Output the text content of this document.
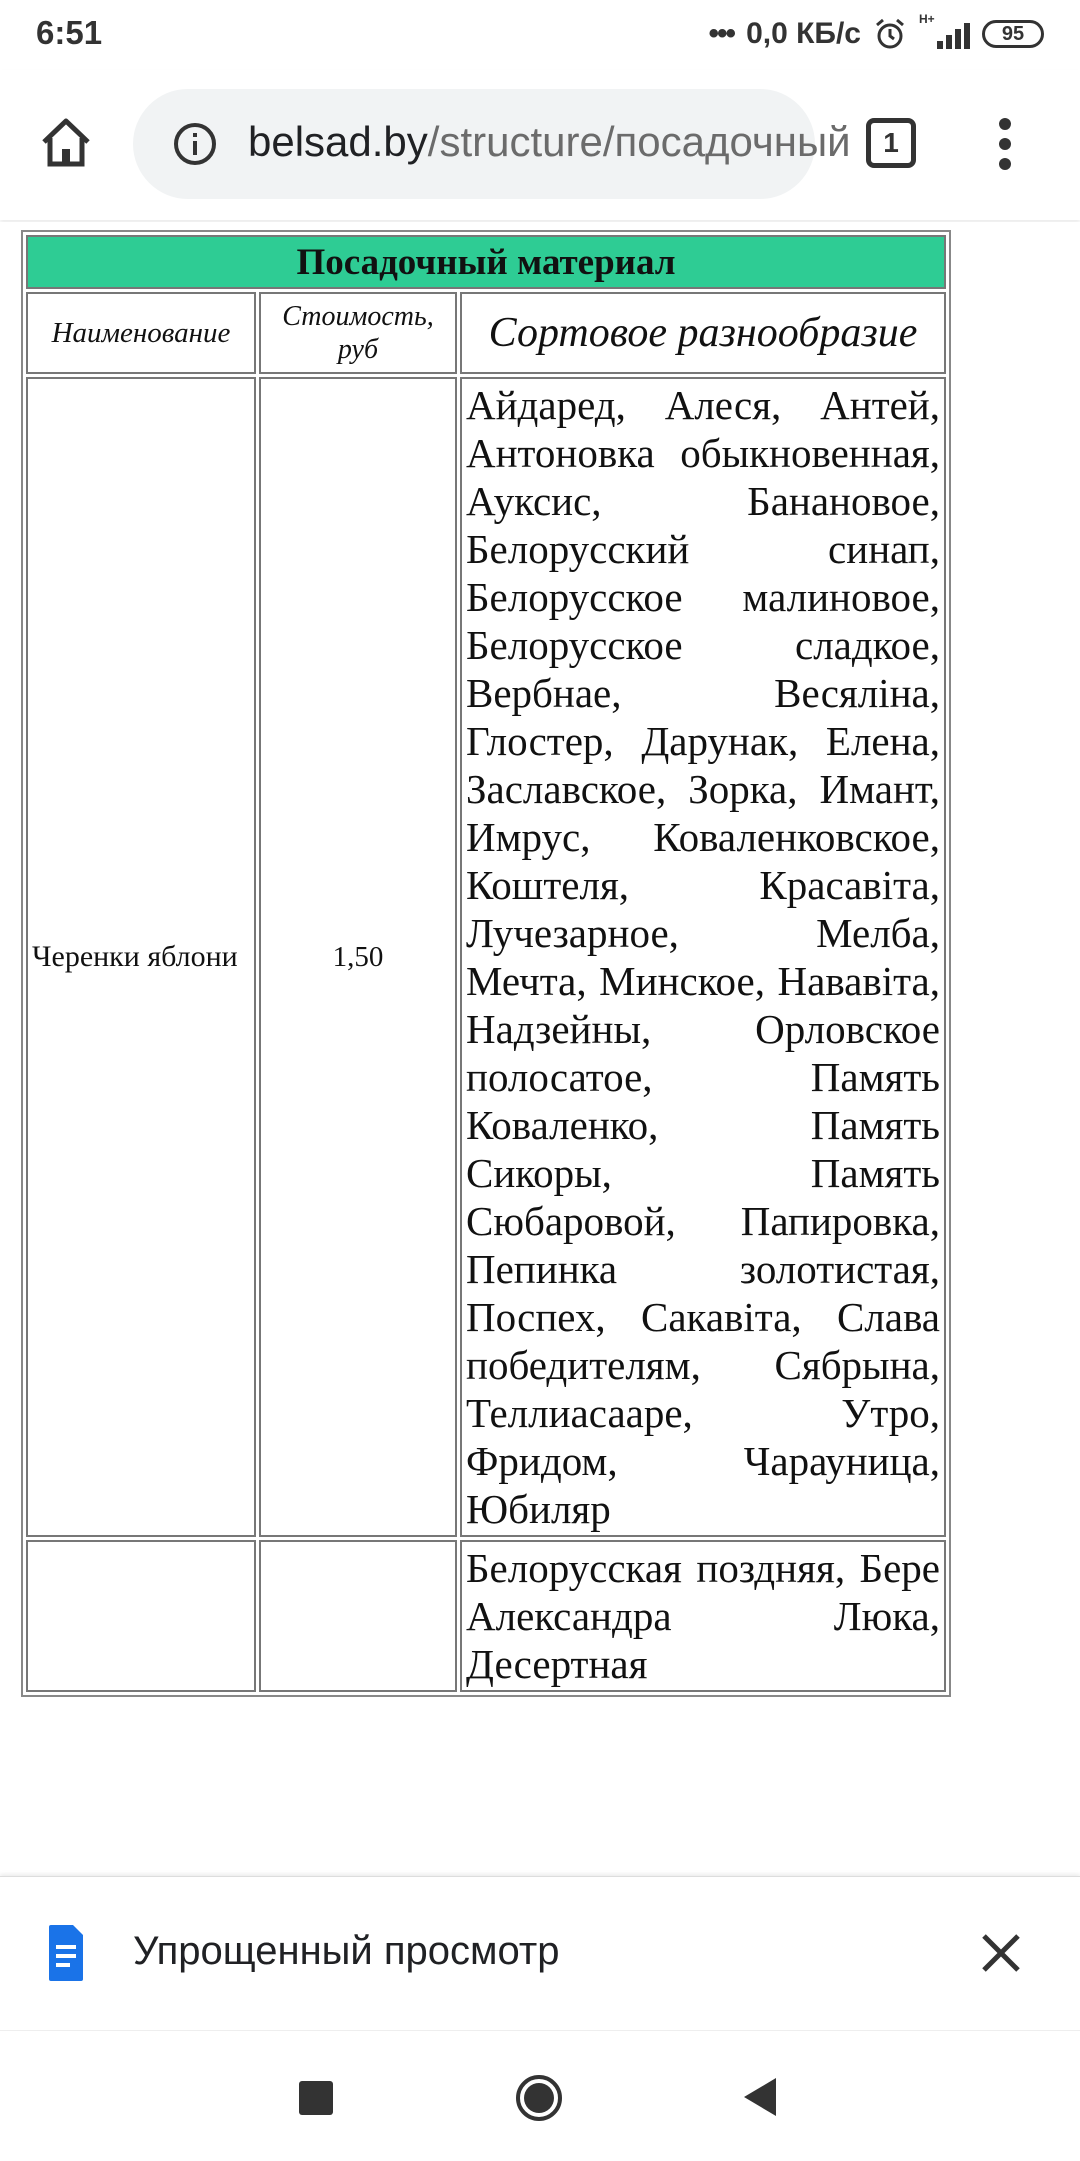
6:51	••• 0,0 КБ/с	H+
95
belsad.by/structure/посадочный	1
Посадочный материал		
Наименование	Стоимость, руб	Сортовое разнообразие
Черенки яблони	1,50	Айдаред, Алеся, Антей, Антоновка обыкновенная, Ауксис, Банановое, Белорусский синап, Белорусское малиновое, Белорусское сладкое, Вербнае, Весяліна, Глостер, Дарунак, Елена, Заславское, Зорка, Имант, Имрус, Коваленковское, Коштеля, Красавіта, Лучезарное, Мелба, Мечта, Минское, Нававіта, Надзейны, Орловское полосатое, Память Коваленко, Память Сикоры, Память Сюбаровой, Папировка, Пепинка золотистая, Поспех, Сакавіта, Слава победителям, Сябрына, Теллиасааре, Утро, Фридом, Чарауница, Юбиляр
		Белорусская поздняя, Бере Александра Люка, Десертная
Упрощенный просмотр
